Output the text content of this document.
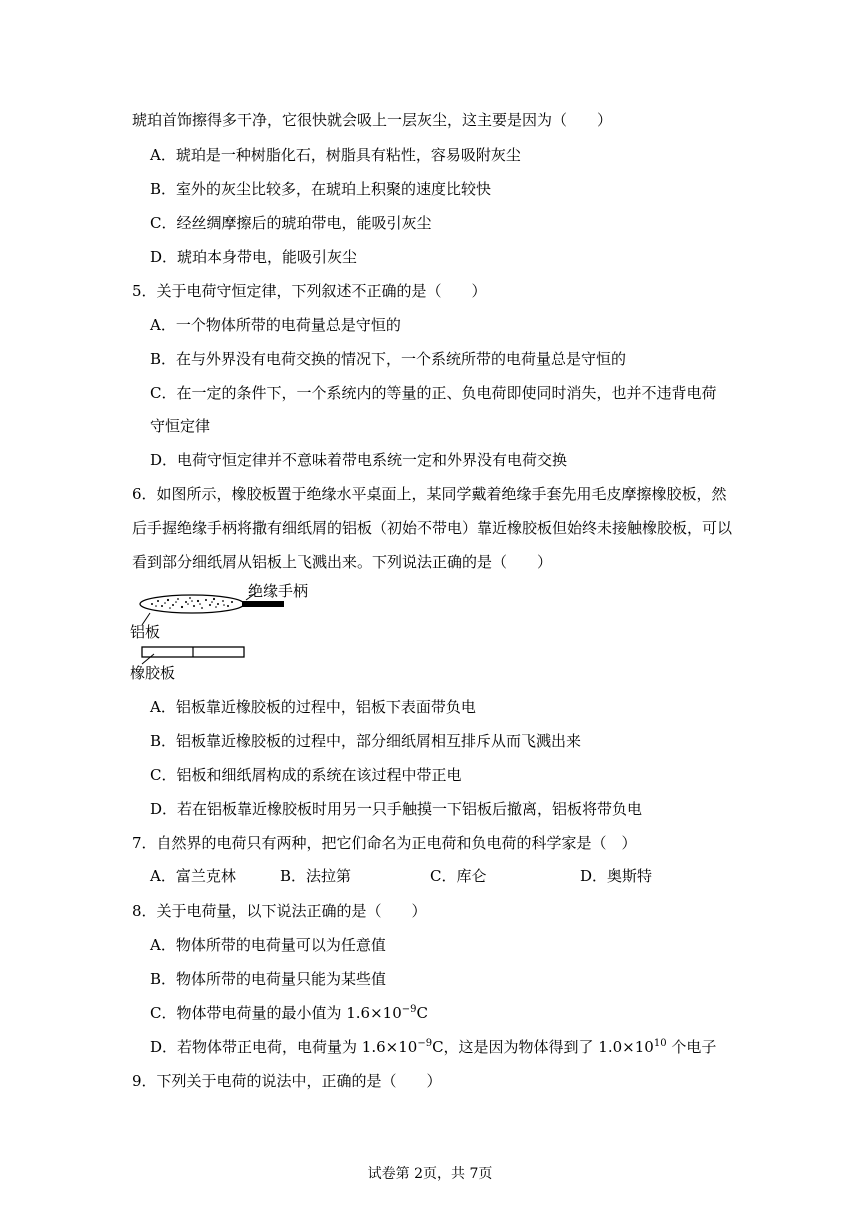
琥珀首饰擦得多干净，它很快就会吸上一层灰尘，这主要是因为（　　）
A．琥珀是一种树脂化石，树脂具有粘性，容易吸附灰尘
B．室外的灰尘比较多，在琥珀上积聚的速度比较快
C．经丝绸摩擦后的琥珀带电，能吸引灰尘
D．琥珀本身带电，能吸引灰尘
5．关于电荷守恒定律，下列叙述不正确的是（　　）
A．一个物体所带的电荷量总是守恒的
B．在与外界没有电荷交换的情况下，一个系统所带的电荷量总是守恒的
C．在一定的条件下，一个系统内的等量的正、负电荷即使同时消失，也并不违背电荷
守恒定律
D．电荷守恒定律并不意味着带电系统一定和外界没有电荷交换
6．如图所示，橡胶板置于绝缘水平桌面上，某同学戴着绝缘手套先用毛皮摩擦橡胶板，然
后手握绝缘手柄将撒有细纸屑的铝板（初始不带电）靠近橡胶板但始终未接触橡胶板，可以
看到部分细纸屑从铝板上飞溅出来。下列说法正确的是（　　）
绝缘手柄
铝板
橡胶板
A．铝板靠近橡胶板的过程中，铝板下表面带负电
B．铝板靠近橡胶板的过程中，部分细纸屑相互排斥从而飞溅出来
C．铝板和细纸屑构成的系统在该过程中带正电
D．若在铝板靠近橡胶板时用另一只手触摸一下铝板后撤离，铝板将带负电
7．自然界的电荷只有两种，把它们命名为正电荷和负电荷的科学家是（　）
A．富兰克林	B．法拉第	C．库仑	D．奥斯特
8．关于电荷量，以下说法正确的是（　　）
A．物体所带的电荷量可以为任意值
B．物体所带的电荷量只能为某些值
C．物体带电荷量的最小值为 $1.6\times 10^{-9}C$
D．若物体带正电荷，电荷量为 $1.6\times 10^{-9}C$，这是因为物体得到了 $1.0\times 10^{10}$ 个电子
9．下列关于电荷的说法中，正确的是（　　）
试卷第 2页，共 7页
